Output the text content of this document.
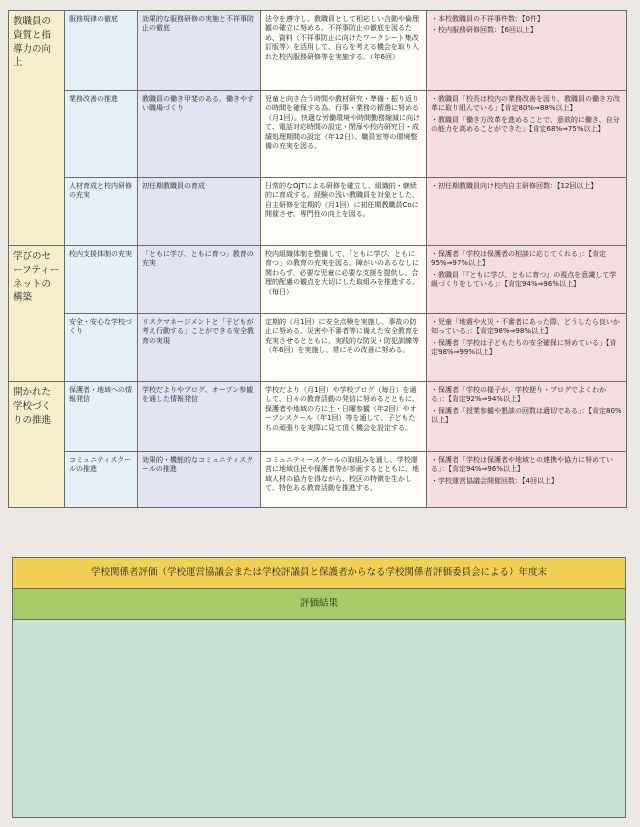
教職員の資質と指導力の向上	服務規律の徹底	効果的な服務研修の実施と不祥事防止の徹底	法令を遵守し、教職員として相応しい言動や倫理観の確立に努める。不祥事防止の徹底を図るため、資料（不祥事防止に向けたワークシート集改訂版等）を活用して、自らを考える機会を取り入れた校内服務研修等を実施する。（年6回）	・本校教職員の不祥事件数：【0件】
・校内服務研修回数：【6回以上】

	業務改善の推進	教職員の働き甲斐のある、働きやすい職場づくり	児童と向き合う時間や教材研究・準備・振り返りの時間を確保する為、行事・業務の精選に努める（月1回）。快適な労働環境や時間勤務縮減に向けて、電話対応時間の設定・閉扉や校内研究日・成績処理期間の設定（年12日）、職員室等の環境整備の充実を図る。	・教職員「校長は校内の業務改善を図り、教職員の働き方改革に取り組んでいる」【肯定80%⇒88%以上】
・教職員「働き方改革を進めることで、意欲的に働き、自分の能力を高めることができた」【肯定68%⇒75%以上】

	人材育成と校内研修の充実	初任期教職員の育成	日常的なOJTによる研修を確立し、組織的・継続的に育成する。経験の浅い教職員を対象とした、自主研修を定期的（月1回）に初任期教職員Coに開催させ、専門性の向上を図る。	・初任期教職員向け校内自主研修回数：【12回以上】

学びのセーフティーネットの構築	校内支援体制の充実	「ともに学び、ともに育つ」教育の充実	校内組織体制を整備して、「ともに学び、ともに育つ」の教育の充実を図る。障がいのあるなしに関わらず、必要な児童に必要な支援を提供し、合理的配慮の観点を大切にした取組みを推進する。（毎日）	・保護者「学校は保護者の相談に応じてくれる」：【肯定95%⇒97%以上】
・教職員「『ともに学び、ともに育つ』の視点を意識して学級づくりをしている」：【肯定94%⇒96%以上】

	安全・安心な学校づくり	リスクマネージメントと「子どもが考え行動する」ことができる安全教育の実現	定期的（月1回）に安全点検を実施し、事故の防止に努める。災害や不審者等に備えた安全教育を充実させるとともに、実践的な防災・防犯訓練等（年6回）を実施し、常にその改善に努める。	・児童「地震や火災・不審者にあった際、どうしたら良いか知っている」：【肯定98%⇒98%以上】
・保護者「学校は子どもたちの安全確保に努めている」【肯定98%⇒99%以上】

開かれた学校づくりの推進	保護者・地域への情報発信	学校だよりやブログ、オープン参観を通した情報発信	学校だより（月1回）や学校ブログ（毎日）を通して、日々の教育活動の発信に努めるとともに、保護者や地域の方に土・日曜参観（年2回）やオープンスクール（年1回）等を通して、子どもたちの頑張りを実際に見て頂く機会を設定する。	・保護者「学校の様子が、学校便り・ブログでよくわかる」：【肯定92%⇒94%以上】
・保護者「授業参観や懇談の回数は適切である」：【肯定80%以上】

	コミュニティスクールの推進	効果的・機能的なコミュニティスクールの推進	コミュニティースクールの取組みを通し、学校運営に地域住民や保護者等が参画するとともに、地域人材の協力を得ながら、校区の特徴を生かして、特色ある教育活動を推進する。	・保護者「学校は保護者や地域との連携や協力に努めている」：【肯定94%⇒96%以上】
・学校運営協議会開催回数：【4回以上】
学校関係者評価（学校運営協議会または学校評議員と保護者からなる学校関係者評価委員会による）年度末
評価結果
